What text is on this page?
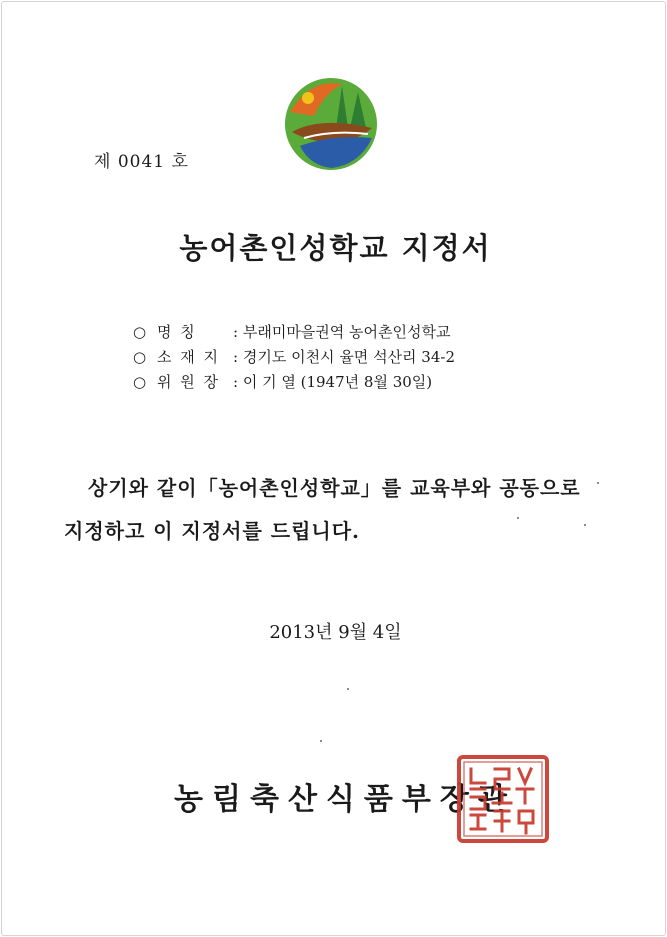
제 0041 호
농어촌인성학교 지정서
○ 명 칭 : 부래미마을권역 농어촌인성학교
○ 소 재 지 : 경기도 이천시 율면 석산리 34-2
○ 위 원 장 : 이 기 열 (1947년 8월 30일)

상기와 같이「농어촌인성학교」를 교육부와 공동으로

지정하고 이 지정서를 드립니다.

2013년 9월 4일
농림축산식품부장관
